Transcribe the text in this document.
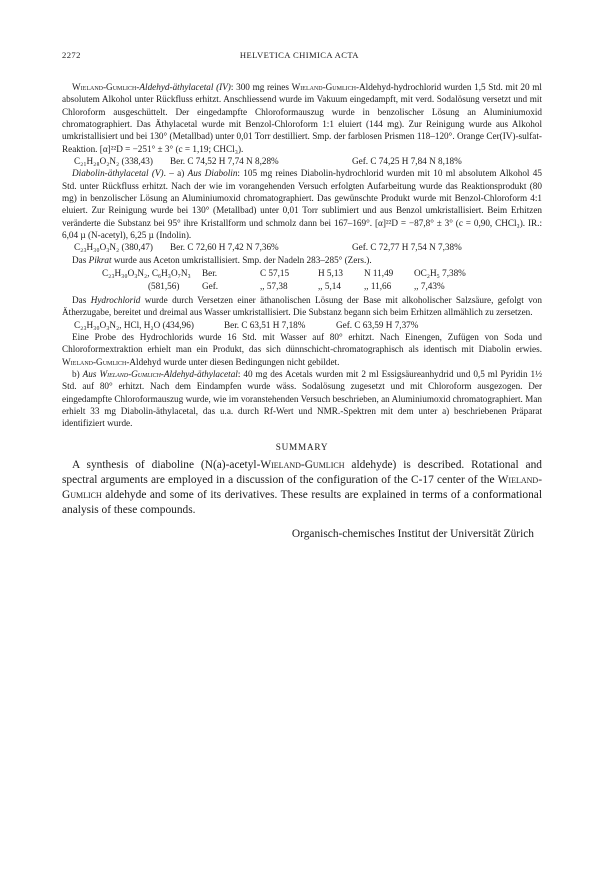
2272	HELVETICA CHIMICA ACTA

Wieland-Gumlich-Aldehyd-äthylacetal (IV): 300 mg reines Wieland-Gumlich-Aldehyd-hydrochlorid wurden 1,5 Std. mit 20 ml absolutem Alkohol unter Rückfluss erhitzt. Anschliessend wurde im Vakuum eingedampft, mit verd. Sodalösung versetzt und mit Chloroform ausgeschüttelt. Der eingedampfte Chloroformauszug wurde in benzolischer Lösung an Aluminiumoxid chromatographiert. Das Äthylacetal wurde mit Benzol-Chloroform 1:1 eluiert (144 mg). Zur Reinigung wurde aus Alkohol umkristallisiert und bei 130° (Metallbad) unter 0,01 Torr destilliert. Smp. der farblosen Prismen 118–120°. Orange Cer(IV)-sulfat-Reaktion. [α]²²D = −251° ± 3° (c = 1,19; CHCl₃).

C₂₁H₂₈O₂N₂ (338,43) Ber. C 74,52 H 7,74 N 8,28%	Gef. C 74,25 H 7,84 N 8,18%

Diabolin-äthylacetal (V). – a) Aus Diabolin: 105 mg reines Diabolin-hydrochlorid wurden mit 10 ml absolutem Alkohol 45 Std. unter Rückfluss erhitzt. Nach der wie im vorangehenden Versuch erfolgten Aufarbeitung wurde das Reaktionsprodukt (80 mg) in benzolischer Lösung an Aluminiumoxid chromatographiert. Das gewünschte Produkt wurde mit Benzol-Chloroform 4:1 eluiert. Zur Reinigung wurde bei 130° (Metallbad) unter 0,01 Torr sublimiert und aus Benzol umkristallisiert. Beim Erhitzen veränderte die Substanz bei 95° ihre Kristallform und schmolz dann bei 167–169°. [α]²²D = −87,8° ± 3° (c = 0,90, CHCl₃). IR.: 6,04 µ (N-acetyl), 6,25 µ (Indolin).

C₂₃H₃₀O₃N₂ (380,47) Ber. C 72,60 H 7,42 N 7,36%	Gef. C 72,77 H 7,54 N 7,38%

Das Pikrat wurde aus Aceton umkristallisiert. Smp. der Nadeln 283–285° (Zers.).

C₂₃H₃₀O₃N₂, C₆H₃O₇N₃	Ber.	C 57,15	H 5,13	N 11,49	OC₂H₅ 7,38%
(581,56)	Gef.	,, 57,38	,, 5,14	,, 11,66	,, 7,43%

Das Hydrochlorid wurde durch Versetzen einer äthanolischen Lösung der Base mit alkoholischer Salzsäure, gefolgt von Ätherzugabe, bereitet und dreimal aus Wasser umkristallisiert. Die Substanz begann sich beim Erhitzen allmählich zu zersetzen.

C₂₃H₃₀O₃N₂, HCl, H₂O (434,96)	Ber. C 63,51 H 7,18%	Gef. C 63,59 H 7,37%

Eine Probe des Hydrochlorids wurde 16 Std. mit Wasser auf 80° erhitzt. Nach Einengen, Zufügen von Soda und Chloroformextraktion erhielt man ein Produkt, das sich dünnschicht-chromatographisch als identisch mit Diabolin erwies. Wieland-Gumlich-Aldehyd wurde unter diesen Bedingungen nicht gebildet.

b) Aus Wieland-Gumlich-Aldehyd-äthylacetal: 40 mg des Acetals wurden mit 2 ml Essigsäureanhydrid und 0,5 ml Pyridin 1½ Std. auf 80° erhitzt. Nach dem Eindampfen wurde wäss. Sodalösung zugesetzt und mit Chloroform ausgezogen. Der eingedampfte Chloroformauszug wurde, wie im voranstehenden Versuch beschrieben, an Aluminiumoxid chromatographiert. Man erhielt 33 mg Diabolin-äthylacetal, das u.a. durch Rf-Wert und NMR.-Spektren mit dem unter a) beschriebenen Präparat identifiziert wurde.

SUMMARY

A synthesis of diaboline (N(a)-acetyl-Wieland-Gumlich aldehyde) is described. Rotational and spectral arguments are employed in a discussion of the configuration of the C-17 center of the Wieland-Gumlich aldehyde and some of its derivatives. These results are explained in terms of a conformational analysis of these compounds.

Organisch-chemisches Institut der Universität Zürich
